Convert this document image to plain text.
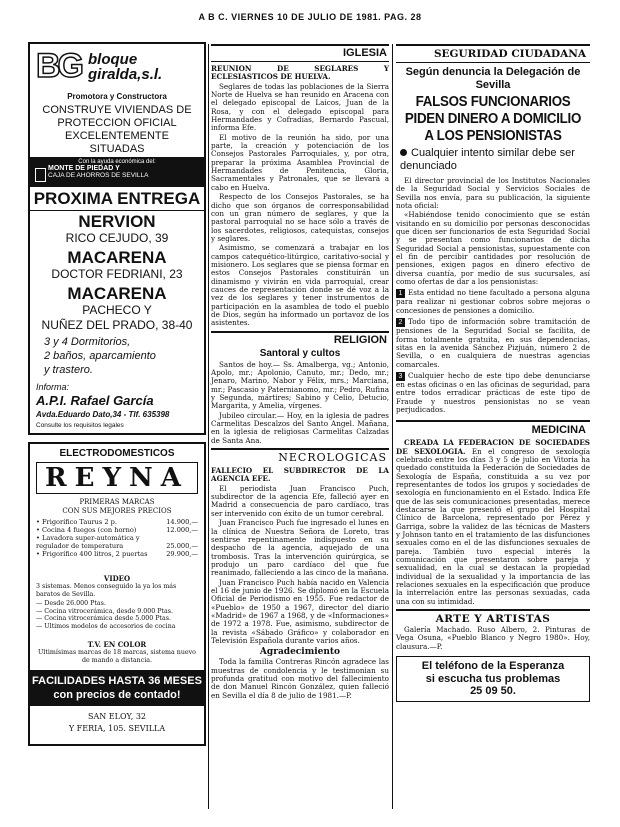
A B C. VIERNES 10 DE JULIO DE 1981. PAG. 28
BG bloque giralda,s.l.
Promotora y Constructora
CONSTRUYE VIVIENDAS DE PROTECCION OFICIAL EXCELENTEMENTE SITUADAS
Con la ayuda económica del:
MONTE DE PIEDAD Y
CAJA DE AHORROS DE SEVILLA
PROXIMA ENTREGA
NERVION
RICO CEJUDO, 39
MACARENA
DOCTOR FEDRIANI, 23
MACARENA
PACHECO Y
NUÑEZ DEL PRADO, 38-40
3 y 4 Dormitorios,
2 baños, aparcamiento
y trastero.
Informa:
A.P.I. Rafael García
Avda.Eduardo Dato,34 - Tlf. 635398
Consulte los requisitos legales
ELECTRODOMESTICOS
REYNA
PRIMERAS MARCAS
CON SUS MEJORES PRECIOS
• Frigorífico Taurus 2 p.	14.900,—
• Cocina 4 fuegos (con horno)	12.000,—
• Lavadora super-automática y regulador de temperatura	25.000,—
• Frigorífico 400 litros, 2 puertas	29.900,—
VIDEO
3 sistemas. Menos conseguido la ya los más baratos de Sevilla.
— Desde 26.000 Ptas.
— Cocina vitrocerámica, desde 9.000 Ptas.
— Cocina vitrocerámica desde 5.000 Ptas.
— Ultimos modelos de accesorios de cocina
T.V. EN COLOR
Ultimísimas marcas de 18 marcas, sistema nuevo de mando a distancia.
FACILIDADES HASTA 36 MESES con precios de contado!
SAN ELOY, 32
Y FERIA, 105. SEVILLA
IGLESIA

REUNION DE SEGLARES Y ECLESIASTICOS DE HUELVA.

Seglares de todas las poblaciones de la Sierra Norte de Huelva se han reunido en Aracena con el delegado episcopal de Laicos, Juan de la Rosa, y con el delegado episcopal para Hermandades y Cofradías, Bernardo Pascual, informa Efe.

El motivo de la reunión ha sido, por una parte, la creación y potenciación de los Consejos Pastorales Parroquiales, y, por otra, preparar la próxima Asamblea Provincial de Hermandades de Penitencia, Gloria, Sacramentales y Patronales, que se llevará a cabo en Huelva.

Respecto de los Consejos Pastorales, se ha dicho que son órganos de corresponsabilidad con un gran número de seglares, y que la pastoral parroquial no se hace sólo a través de los sacerdotes, religiosos, catequistas, consejos y seglares.

Asimismo, se comenzará a trabajar en los campos catequético-litúrgico, caritativo-social y misionero. Los seglares que se piensa formar en estos Consejos Pastorales constituirán un dinamismo y vivirán en vida parroquial, crear cauces de representación donde se dé voz a la vez de los seglares y tener instrumentos de participación en la asamblea de todo el pueblo de Dios, según ha informado un portavoz de los asistentes.

RELIGION
Santoral y cultos

Santos de hoy.— Ss. Amalberga, vg.; Antonio, Apolo, mr.; Apolonio, Canuto, mr.; Dedo, mr.; Jenaro, Marino, Nabor y Félix, mrs.; Marciana, mr.; Pascasio y Paternianomo, mr.; Pedro, Rufina y Segunda, mártires; Sabino y Celio, Detucio, Margarita, y Amelia, vírgenes.

Jubileo circular.— Hoy, en la iglesia de padres Carmelitas Descalzos del Santo Angel. Mañana, en la iglesia de religiosas Carmelitas Calzadas de Santa Ana.

NECROLOGICAS

FALLECIO EL SUBDIRECTOR DE LA AGENCIA EFE.

El periodista Juan Francisco Puch, subdirector de la agencia Efe, falleció ayer en Madrid a consecuencia de paro cardíaco, tras ser intervenido con éxito de un tumor cerebral.

Juan Francisco Puch fue ingresado el lunes en la clínica de Nuestra Señora de Loreto, tras sentirse repentinamente indispuesto en su despacho de la agencia, aquejado de una trombosis. Tras la intervención quirúrgica, se produjo un paro cardíaco del que fue reanimado, falleciendo a las cinco de la mañana.

Juan Francisco Puch había nacido en Valencia el 16 de junio de 1926. Se diplomó en la Escuela Oficial de Periodismo en 1955. Fue redactor de «Pueblo» de 1950 a 1967, director del diario «Madrid» de 1967 a 1968, y de «Informaciones» de 1972 a 1978. Fue, asimismo, subdirector de la revista «Sábado Gráfico» y colaborador en Televisión Española durante varios años.

Agradecimiento

Toda la familia Contreras Rincón agradece las muestras de condolencia y le testimonian su profunda gratitud con motivo del fallecimiento de don Manuel Rincón González, quien falleció en Sevilla el día 8 de julio de 1981.—P.

SEGURIDAD CIUDADANA
Según denuncia la Delegación de Sevilla
FALSOS FUNCIONARIOS PIDEN DINERO A DOMICILIO A LOS PENSIONISTAS
Cualquier intento similar debe ser denunciado

El director provincial de los Institutos Nacionales de la Seguridad Social y Servicios Sociales de Sevilla nos envía, para su publicación, la siguiente nota oficial:

«Habiéndose tenido conocimiento que se están visitando en su domicilio por personas desconocidas que dicen ser funcionarios de esta Seguridad Social y se presentan como funcionarios de dicha Seguridad Social a pensionistas, supuestamente con el fin de percibir cantidades por resolución de pensiones, exigen pagos en dinero efectivo de diversa cuantía, por medio de sus sucursales, así como ofertas de dar a los pensionistas:

1 Esta entidad no tiene facultado a persona alguna para realizar ni gestionar cobros sobre mejoras o concesiones de pensiones a domicilio.

2 Todo tipo de información sobre tramitación de pensiones de la Seguridad Social se facilita, de forma totalmente gratuita, en sus dependencias, sitas en la avenida Sánchez Pizjuán, número 2 de Sevilla, o en cualquiera de nuestras agencias comarcales.

3 Cualquier hecho de este tipo debe denunciarse en estas oficinas o en las oficinas de seguridad, para entre todos erradicar prácticas de este tipo de Fraude y nuestros pensionistas no se vean perjudicados.

MEDICINA

CREADA LA FEDERACION DE SOCIEDADES DE SEXOLOGIA. En el congreso de sexología celebrado entre los días 3 y 5 de julio en Vitoria ha quedado constituida la Federación de Sociedades de Sexología de España, constituida a su vez por representantes de todos los grupos y sociedades de sexología en funcionamiento en el Estado. Indica Efe que de las seis comunicaciones presentadas, merece destacarse la que presentó el grupo del Hospital Clínico de Barcelona, representado por Pérez y Garriga, sobre la validez de las técnicas de Masters y Johnson tanto en el tratamiento de las disfunciones sexuales como en el de las disfunciones sexuales de pareja. También tuvo especial interés la comunicación que presentaron sobre pareja y sexualidad, en la cual se destacan la propiedad individual de la sexualidad y la importancia de las relaciones sexuales en la especificación que produce la interrelación entre las personas sexuadas, cada una con su intimidad.

ARTE Y ARTISTAS

Galería Machado. Ruso Albero, 2. Pinturas de Vega Osuna, «Pueblo Blanco y Negro 1980». Hoy, clausura.—P.

El teléfono de la Esperanza
si escucha tus problemas
25 09 50.
